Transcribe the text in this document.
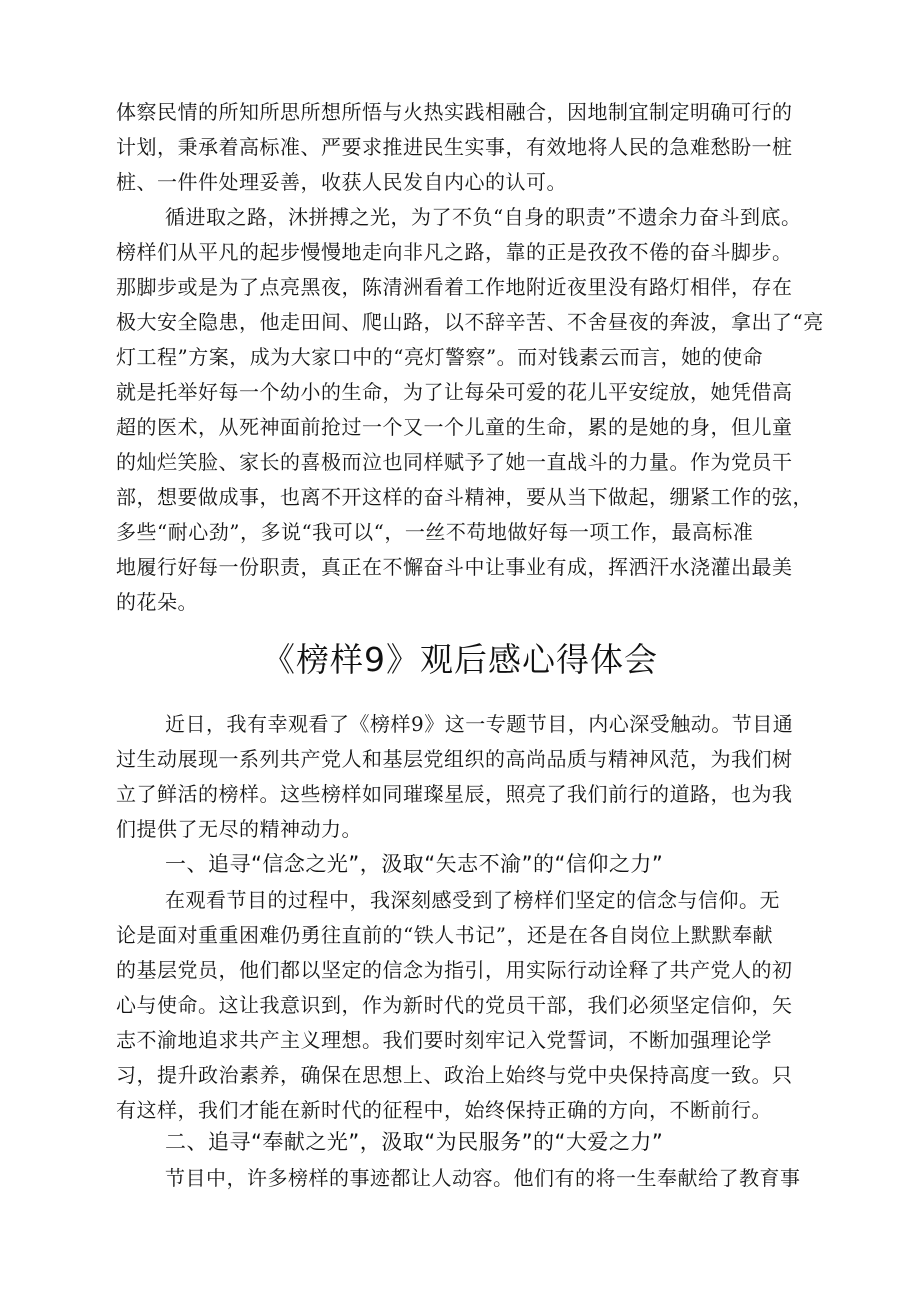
体察民情的所知所思所想所悟与火热实践相融合，因地制宜制定明确可行的
计划，秉承着高标准、严要求推进民生实事，有效地将人民的急难愁盼一桩
桩、一件件处理妥善，收获人民发自内心的认可。
循进取之路，沐拼搏之光，为了不负“自身的职责”不遗余力奋斗到底。
榜样们从平凡的起步慢慢地走向非凡之路，靠的正是孜孜不倦的奋斗脚步。
那脚步或是为了点亮黑夜，陈清洲看着工作地附近夜里没有路灯相伴，存在
极大安全隐患，他走田间、爬山路，以不辞辛苦、不舍昼夜的奔波，拿出了“亮
灯工程”方案，成为大家口中的“亮灯警察”。而对钱素云而言，她的使命
就是托举好每一个幼小的生命，为了让每朵可爱的花儿平安绽放，她凭借高
超的医术，从死神面前抢过一个又一个儿童的生命，累的是她的身，但儿童
的灿烂笑脸、家长的喜极而泣也同样赋予了她一直战斗的力量。作为党员干
部，想要做成事，也离不开这样的奋斗精神，要从当下做起，绷紧工作的弦，
多些“耐心劲”，多说“我可以“，一丝不苟地做好每一项工作，最高标准
地履行好每一份职责，真正在不懈奋斗中让事业有成，挥洒汗水浇灌出最美
的花朵。
《榜样9》观后感心得体会
近日，我有幸观看了《榜样9》这一专题节目，内心深受触动。节目通
过生动展现一系列共产党人和基层党组织的高尚品质与精神风范，为我们树
立了鲜活的榜样。这些榜样如同璀璨星辰，照亮了我们前行的道路，也为我
们提供了无尽的精神动力。
一、追寻“信念之光”，汲取“矢志不渝”的“信仰之力”
在观看节目的过程中，我深刻感受到了榜样们坚定的信念与信仰。无
论是面对重重困难仍勇往直前的“铁人书记”，还是在各自岗位上默默奉献
的基层党员，他们都以坚定的信念为指引，用实际行动诠释了共产党人的初
心与使命。这让我意识到，作为新时代的党员干部，我们必须坚定信仰，矢
志不渝地追求共产主义理想。我们要时刻牢记入党誓词，不断加强理论学
习，提升政治素养，确保在思想上、政治上始终与党中央保持高度一致。只
有这样，我们才能在新时代的征程中，始终保持正确的方向，不断前行。
二、追寻“奉献之光”，汲取“为民服务”的“大爱之力”
节目中，许多榜样的事迹都让人动容。他们有的将一生奉献给了教育事
